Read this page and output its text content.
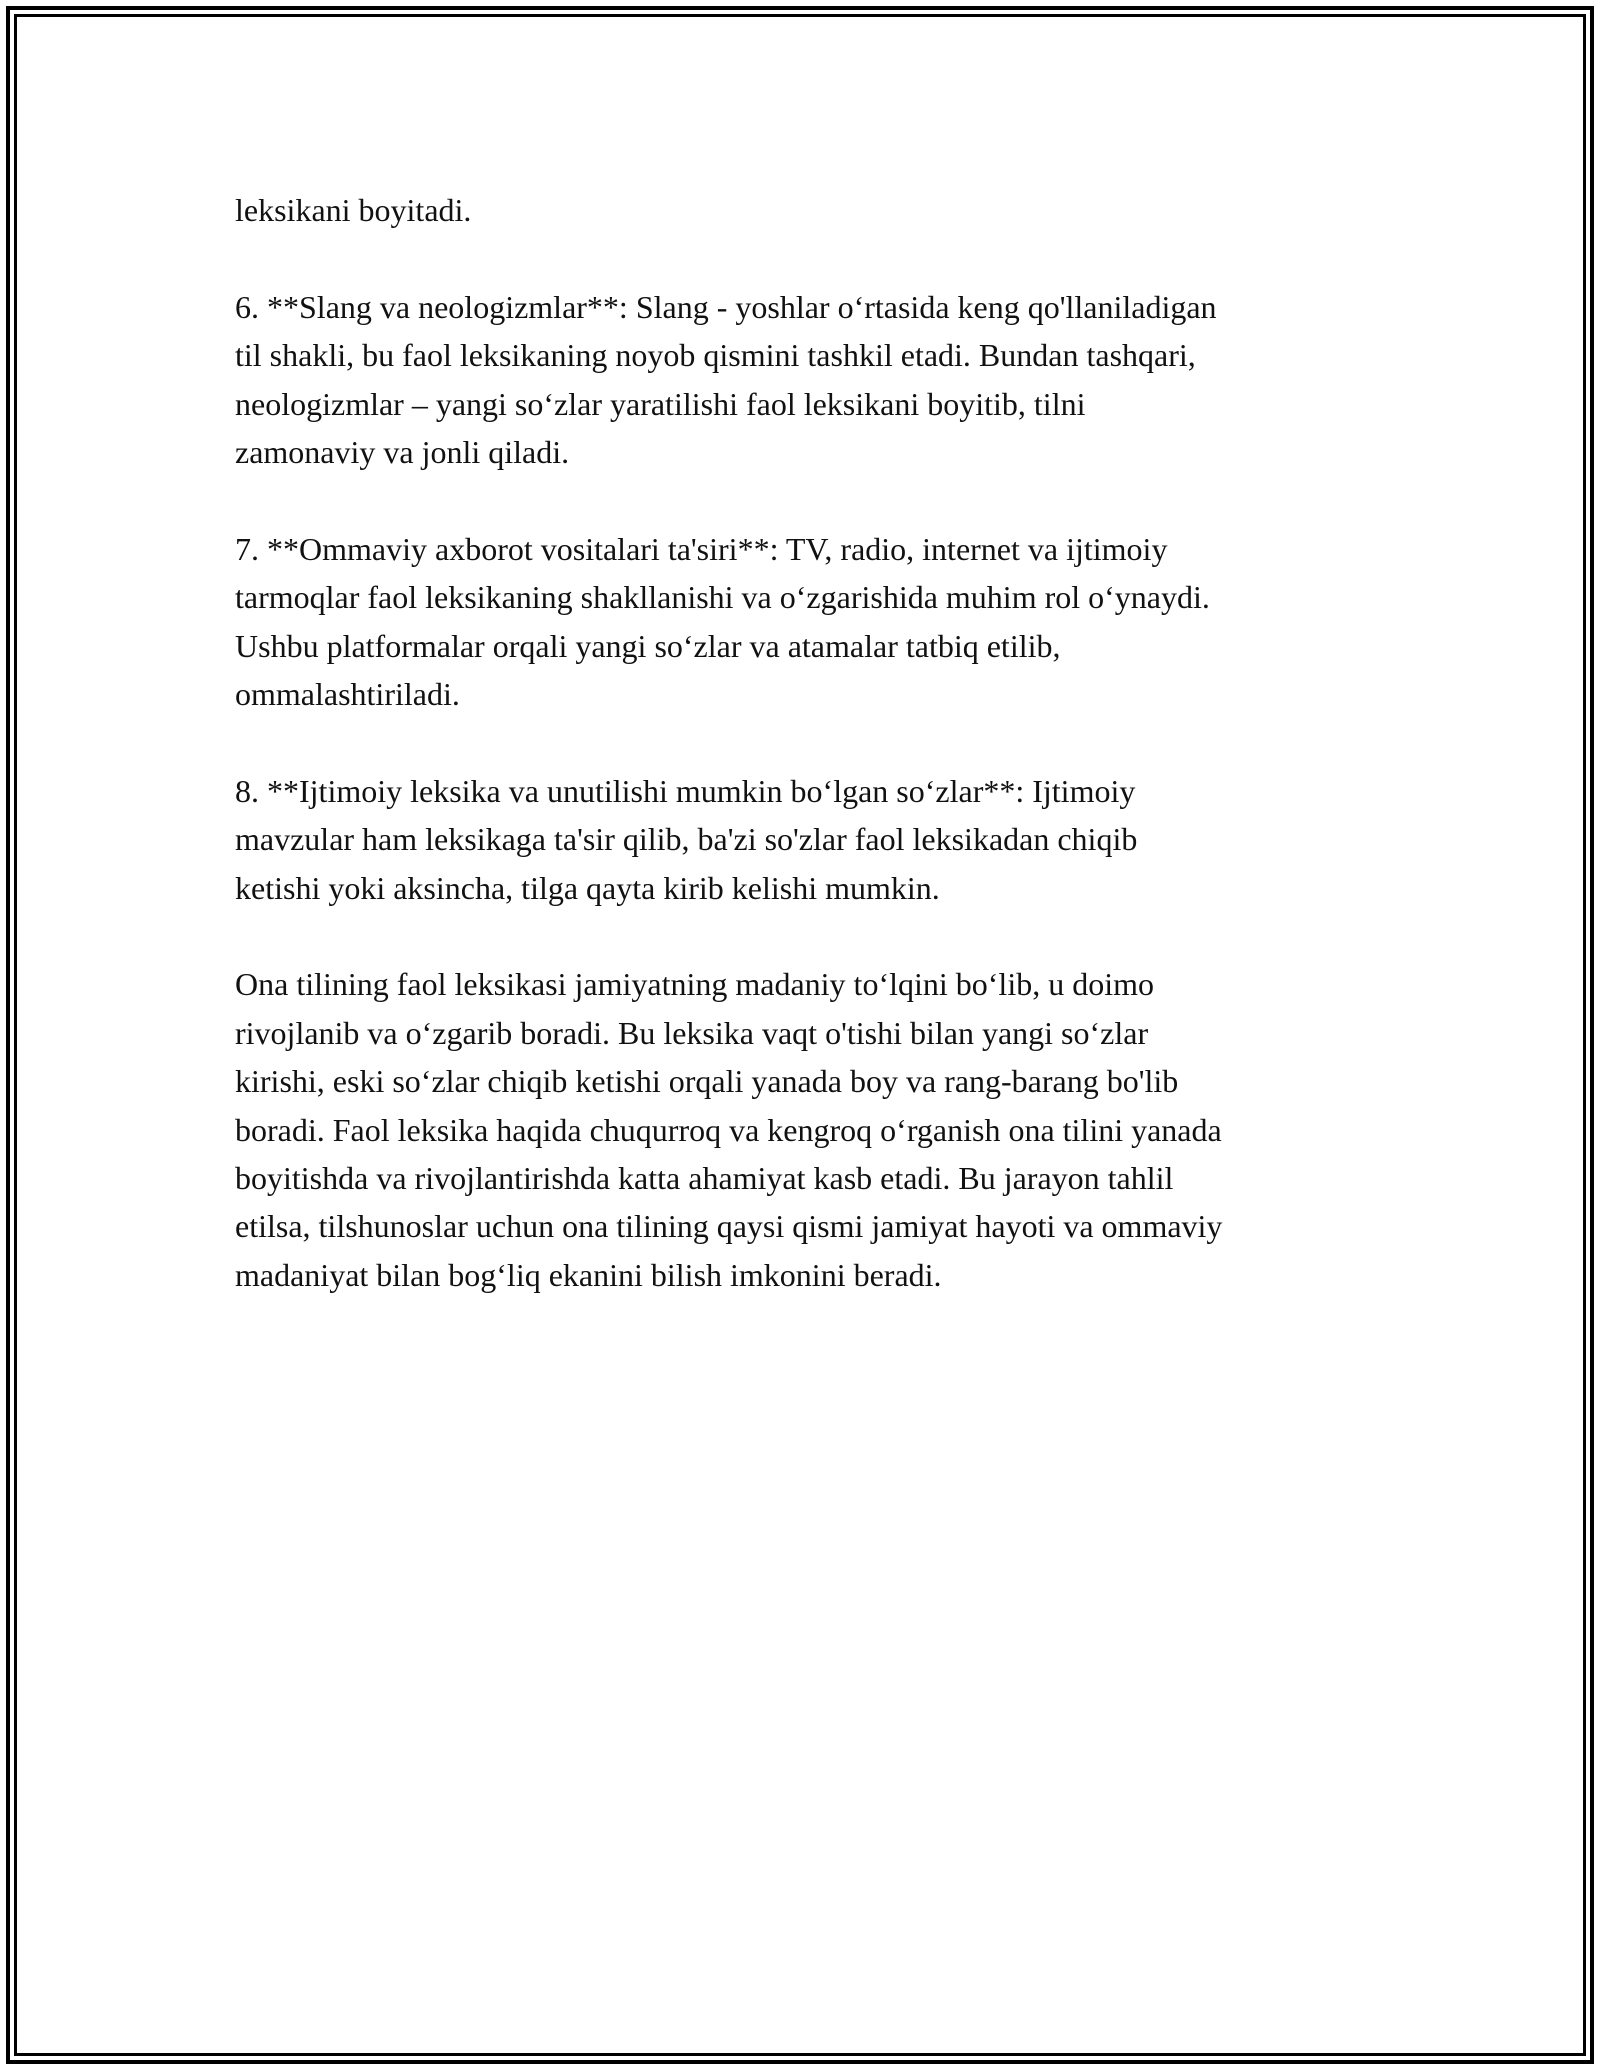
leksikani boyitadi.

6. **Slang va neologizmlar**: Slang - yoshlar o‘rtasida keng qo'llaniladigan
til shakli, bu faol leksikaning noyob qismini tashkil etadi. Bundan tashqari,
neologizmlar – yangi so‘zlar yaratilishi faol leksikani boyitib, tilni
zamonaviy va jonli qiladi.

7. **Ommaviy axborot vositalari ta'siri**: TV, radio, internet va ijtimoiy
tarmoqlar faol leksikaning shakllanishi va o‘zgarishida muhim rol o‘ynaydi.
Ushbu platformalar orqali yangi so‘zlar va atamalar tatbiq etilib,
ommalashtiriladi.

8. **Ijtimoiy leksika va unutilishi mumkin bo‘lgan so‘zlar**: Ijtimoiy
mavzular ham leksikaga ta'sir qilib, ba'zi so'zlar faol leksikadan chiqib
ketishi yoki aksincha, tilga qayta kirib kelishi mumkin.

Ona tilining faol leksikasi jamiyatning madaniy to‘lqini bo‘lib, u doimo
rivojlanib va o‘zgarib boradi. Bu leksika vaqt o'tishi bilan yangi so‘zlar
kirishi, eski so‘zlar chiqib ketishi orqali yanada boy va rang-barang bo'lib
boradi. Faol leksika haqida chuqurroq va kengroq o‘rganish ona tilini yanada
boyitishda va rivojlantirishda katta ahamiyat kasb etadi. Bu jarayon tahlil
etilsa, tilshunoslar uchun ona tilining qaysi qismi jamiyat hayoti va ommaviy
madaniyat bilan bog‘liq ekanini bilish imkonini beradi.
